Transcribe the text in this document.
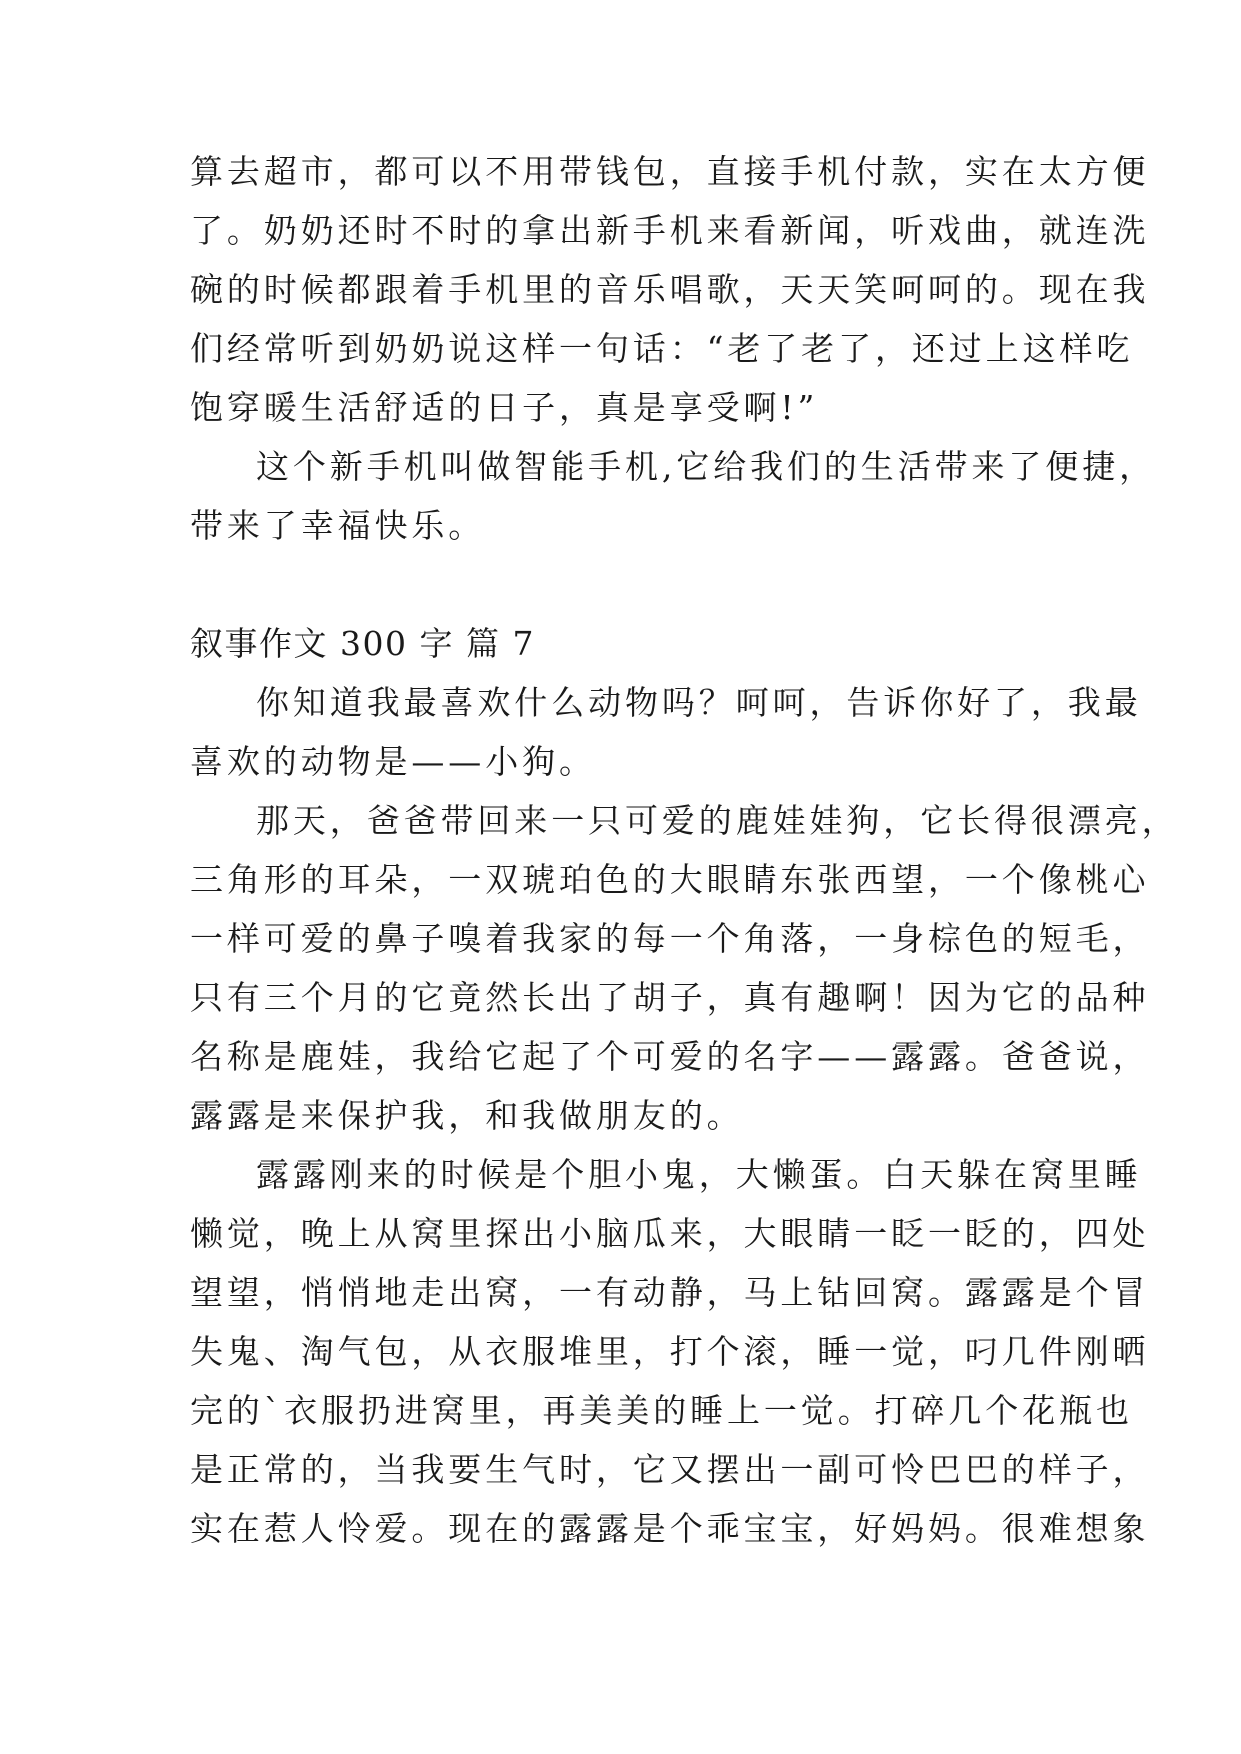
算去超市，都可以不用带钱包，直接手机付款，实在太方便
了。奶奶还时不时的拿出新手机来看新闻，听戏曲，就连洗
碗的时候都跟着手机里的音乐唱歌，天天笑呵呵的。现在我
们经常听到奶奶说这样一句话：“老了老了，还过上这样吃
饱穿暖生活舒适的日子，真是享受啊!”
这个新手机叫做智能手机,它给我们的生活带来了便捷，
带来了幸福快乐。
叙事作文 300 字 篇 7
你知道我最喜欢什么动物吗？呵呵，告诉你好了，我最
喜欢的动物是——小狗。
那天，爸爸带回来一只可爱的鹿娃娃狗，它长得很漂亮，
三角形的耳朵，一双琥珀色的大眼睛东张西望，一个像桃心
一样可爱的鼻子嗅着我家的每一个角落，一身棕色的短毛，
只有三个月的它竟然长出了胡子，真有趣啊！因为它的品种
名称是鹿娃，我给它起了个可爱的名字——露露。爸爸说，
露露是来保护我，和我做朋友的。
露露刚来的时候是个胆小鬼，大懒蛋。白天躲在窝里睡
懒觉，晚上从窝里探出小脑瓜来，大眼睛一眨一眨的，四处
望望，悄悄地走出窝，一有动静，马上钻回窝。露露是个冒
失鬼、淘气包，从衣服堆里，打个滚，睡一觉，叼几件刚晒
完的`衣服扔进窝里，再美美的睡上一觉。打碎几个花瓶也
是正常的，当我要生气时，它又摆出一副可怜巴巴的样子，
实在惹人怜爱。现在的露露是个乖宝宝，好妈妈。很难想象
